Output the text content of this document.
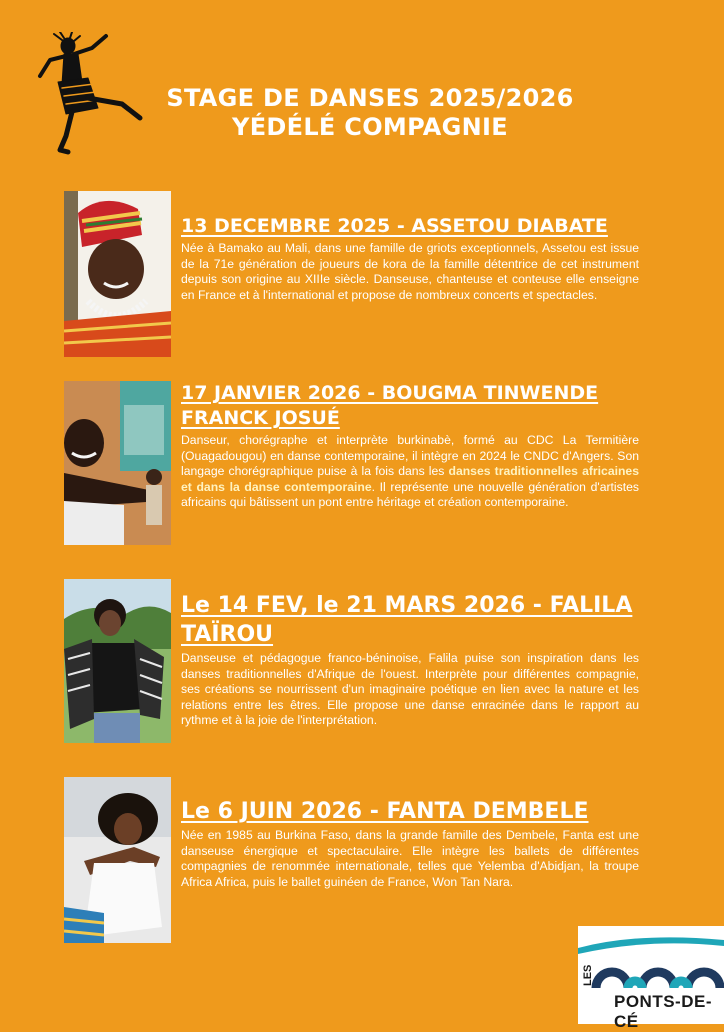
STAGE DE DANSES 2025/2026
YÉDÉLÉ COMPAGNIE

13 DECEMBRE 2025 - ASSETOU DIABATE

Née à Bamako au Mali, dans une famille de griots exceptionnels, Assetou est issue de la 71e génération de joueurs de kora de la famille détentrice de cet instrument depuis son origine au XIIIe siècle. Danseuse, chanteuse et conteuse elle enseigne en France et à l'international et propose de nombreux concerts et spectacles.

17 JANVIER 2026 - BOUGMA TINWENDE FRANCK JOSUÉ

Danseur, chorégraphe et interprète burkinabè, formé au CDC La Termitière (Ouagadougou) en danse contemporaine, il intègre en 2024 le CNDC d'Angers. Son langage chorégraphique puise à la fois dans les danses traditionnelles africaines et dans la danse contemporaine. Il représente une nouvelle génération d'artistes africains qui bâtissent un pont entre héritage et création contemporaine.

Le 14 FEV, le 21 MARS 2026 - FALILA TAÏROU

Danseuse et pédagogue franco-béninoise, Falila puise son inspiration dans les danses traditionnelles d'Afrique de l'ouest. Interprète pour différentes compagnie, ses créations se nourrissent d'un imaginaire poétique en lien avec la nature et les relations entre les êtres. Elle propose une danse enracinée dans le rapport au rythme et à la joie de l'interprétation.

Le 6 JUIN 2026 - FANTA DEMBELE

Née en 1985 au Burkina Faso, dans la grande famille des Dembele, Fanta est une danseuse énergique et spectaculaire. Elle intègre les ballets de différentes compagnies de renommée internationale, telles que Yelemba d'Abidjan, la troupe Africa Africa, puis le ballet guinéen de France, Won Tan Nara.

LES
PONTS-DE-CÉ
